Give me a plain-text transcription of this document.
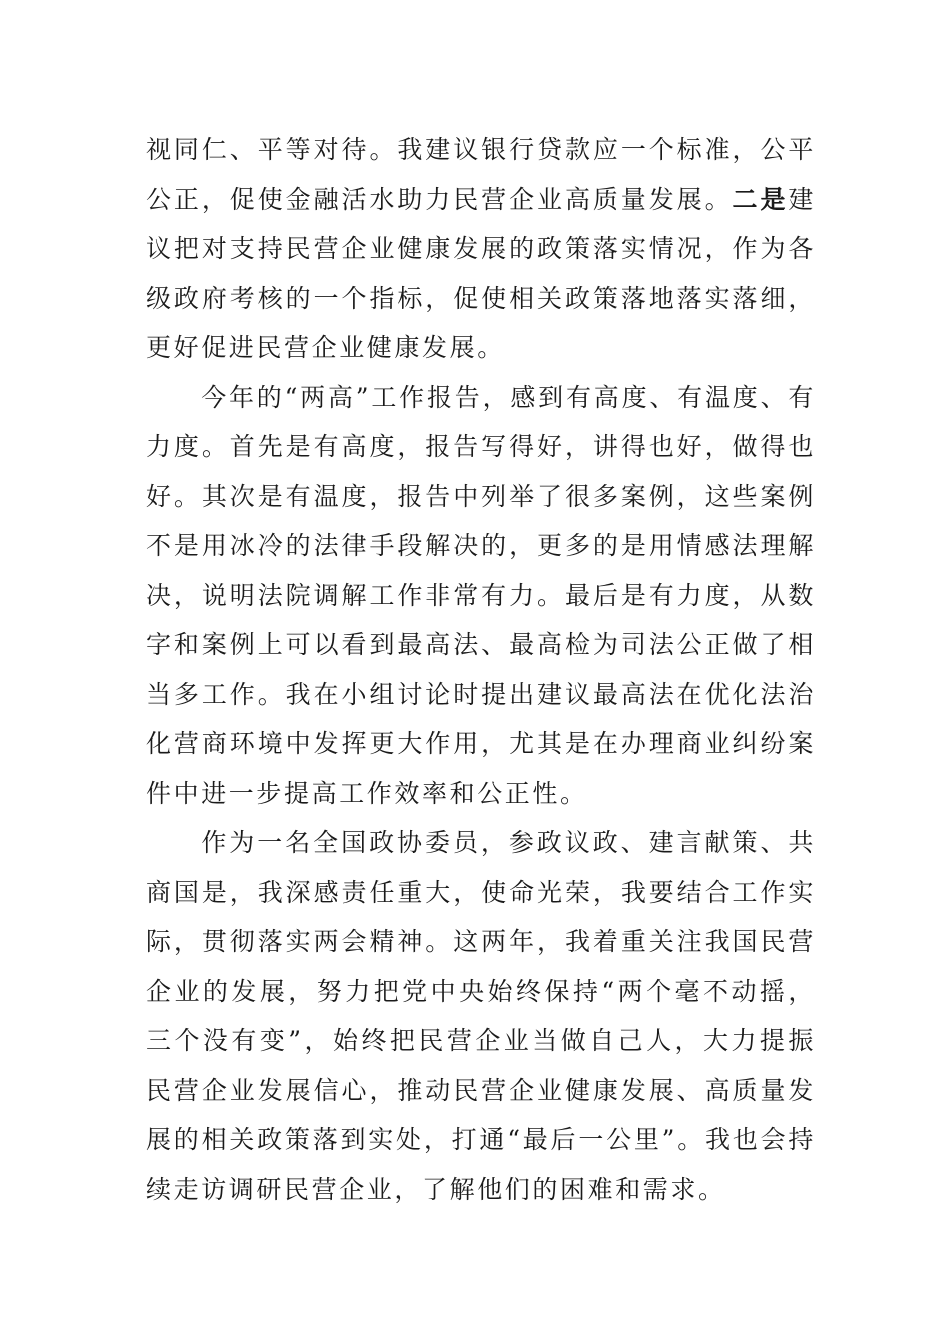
视同仁、平等对待。我建议银行贷款应一个标准，公平公正，促使金融活水助力民营企业高质量发展。二是建议把对支持民营企业健康发展的政策落实情况，作为各级政府考核的一个指标，促使相关政策落地落实落细，更好促进民营企业健康发展。

今年的“两高”工作报告，感到有高度、有温度、有力度。首先是有高度，报告写得好，讲得也好，做得也好。其次是有温度，报告中列举了很多案例，这些案例不是用冰冷的法律手段解决的，更多的是用情感法理解决，说明法院调解工作非常有力。最后是有力度，从数字和案例上可以看到最高法、最高检为司法公正做了相当多工作。我在小组讨论时提出建议最高法在优化法治化营商环境中发挥更大作用，尤其是在办理商业纠纷案件中进一步提高工作效率和公正性。

作为一名全国政协委员，参政议政、建言献策、共商国是，我深感责任重大，使命光荣，我要结合工作实际，贯彻落实两会精神。这两年，我着重关注我国民营企业的发展，努力把党中央始终保持“两个毫不动摇，三个没有变”，始终把民营企业当做自己人，大力提振民营企业发展信心，推动民营企业健康发展、高质量发展的相关政策落到实处，打通“最后一公里”。我也会持续走访调研民营企业，了解他们的困难和需求。
